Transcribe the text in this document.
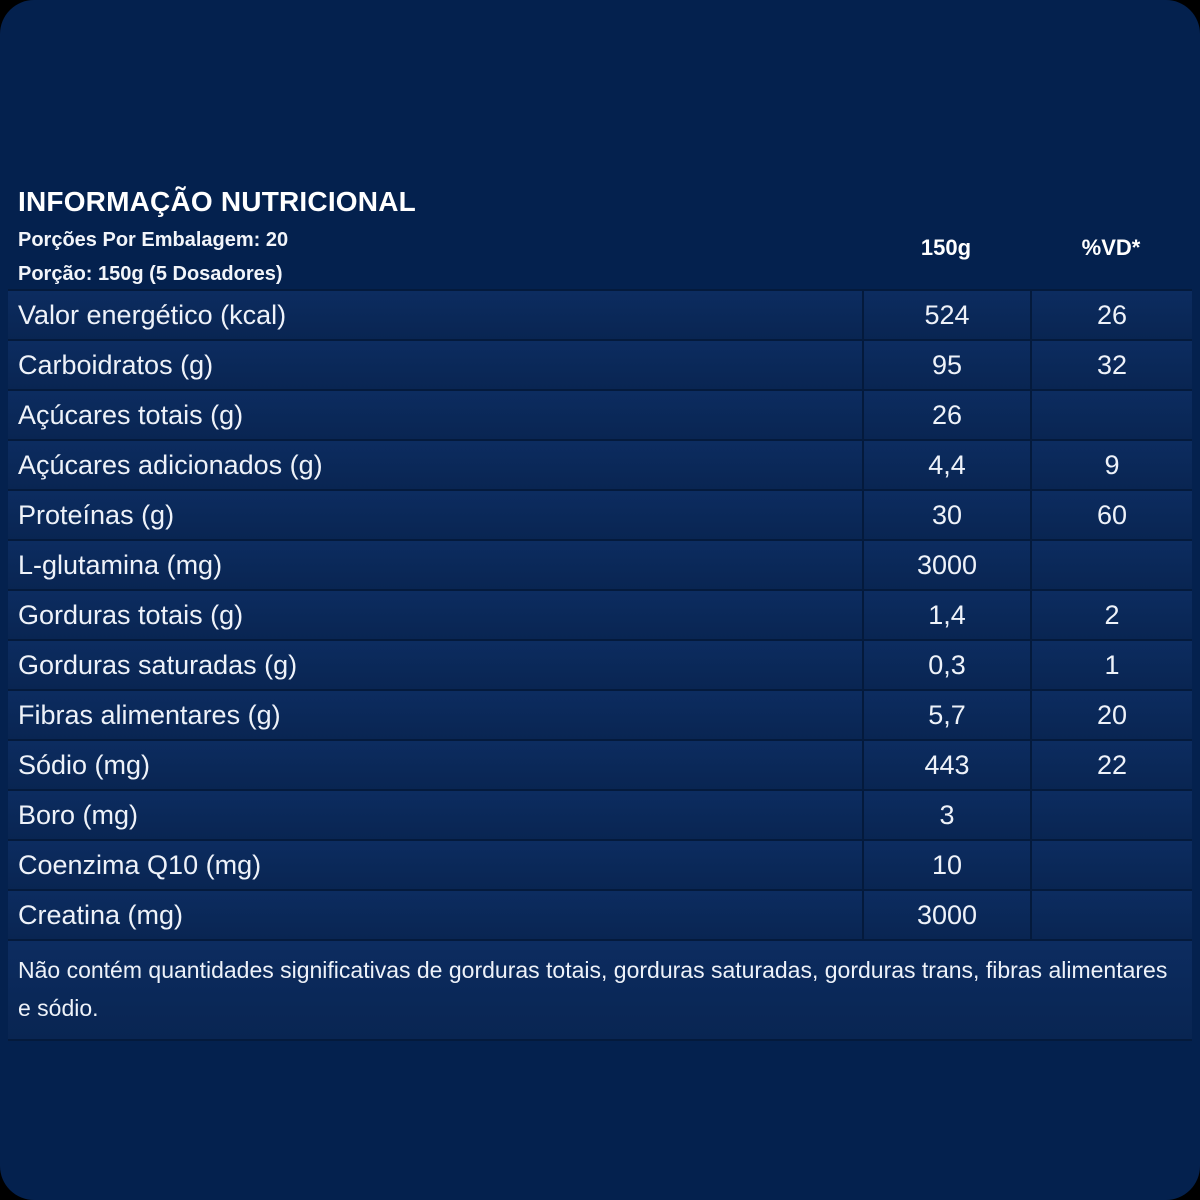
INFORMAÇÃO NUTRICIONAL

Porções Por Embalagem: 20

Porção: 150g (5 Dosadores)

150g	%VD*
Valor energético (kcal)	524	26
Carboidratos (g)	95	32
Açúcares totais (g)	26
Açúcares adicionados (g)	4,4	9
Proteínas (g)	30	60
L-glutamina (mg)	3000
Gorduras totais (g)	1,4	2
Gorduras saturadas (g)	0,3	1
Fibras alimentares (g)	5,7	20
Sódio (mg)	443	22
Boro (mg)	3
Coenzima Q10 (mg)	10
Creatina (mg)	3000
Não contém quantidades significativas de gorduras totais, gorduras saturadas, gorduras trans, fibras alimentares e sódio.
